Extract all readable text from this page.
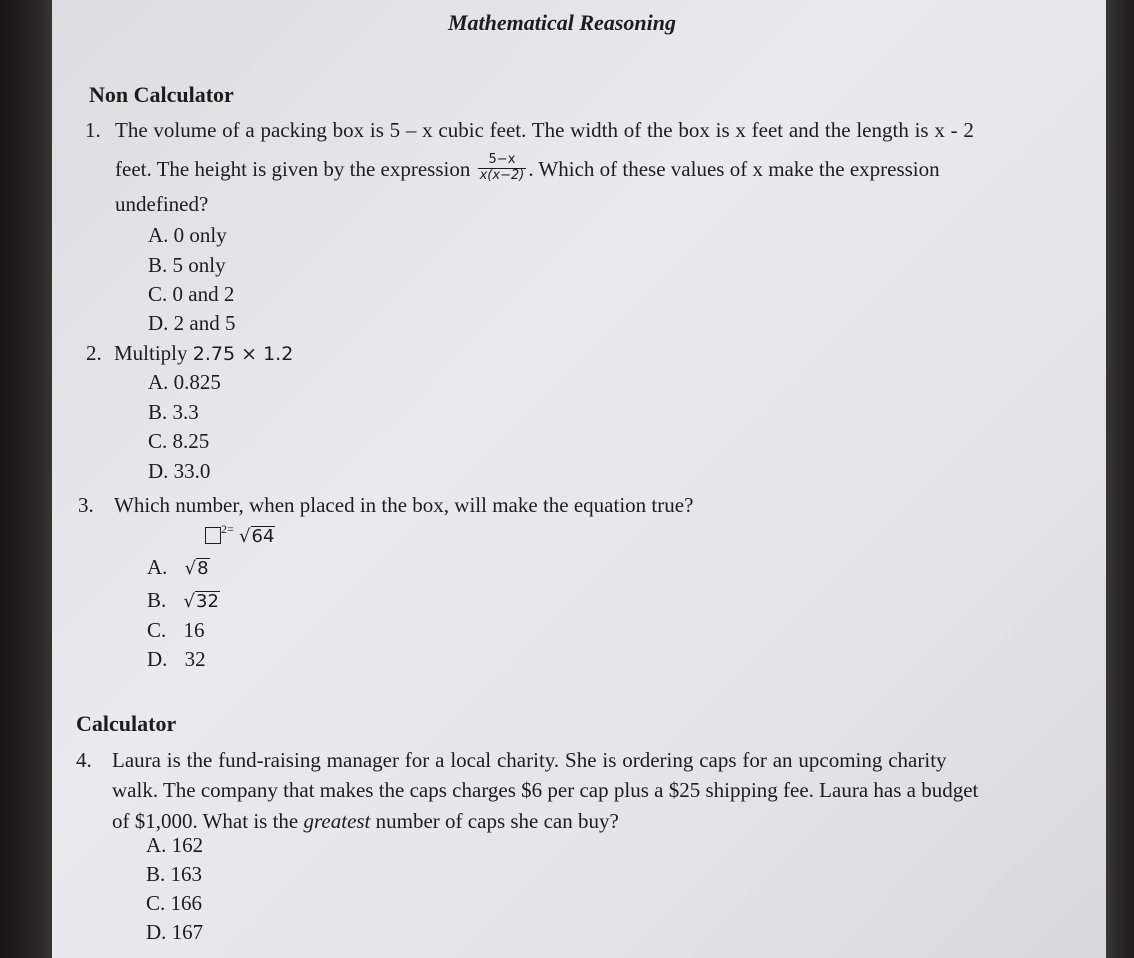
Mathematical Reasoning
Non Calculator
1. The volume of a packing box is 5 – x cubic feet. The width of the box is x feet and the length is x - 2
feet. The height is given by the expression $\frac{5-x}{x(x-2)}$ . Which of these values of x make the expression
undefined?
A. 0 only
B. 5 only
C. 0 and 2
D. 2 and 5
2. Multiply 2.75 × 1.2
A. 0.825
B. 3.3
C. 8.25
D. 33.0
3. Which number, when placed in the box, will make the equation true?
$^{2=}$ √64
A. √8
B. √32
C. 16
D. 32
Calculator
4. Laura is the fund-raising manager for a local charity. She is ordering caps for an upcoming charity
walk. The company that makes the caps charges $6 per cap plus a $25 shipping fee. Laura has a budget
of $1,000. What is the greatest number of caps she can buy?
A. 162
B. 163
C. 166
D. 167
